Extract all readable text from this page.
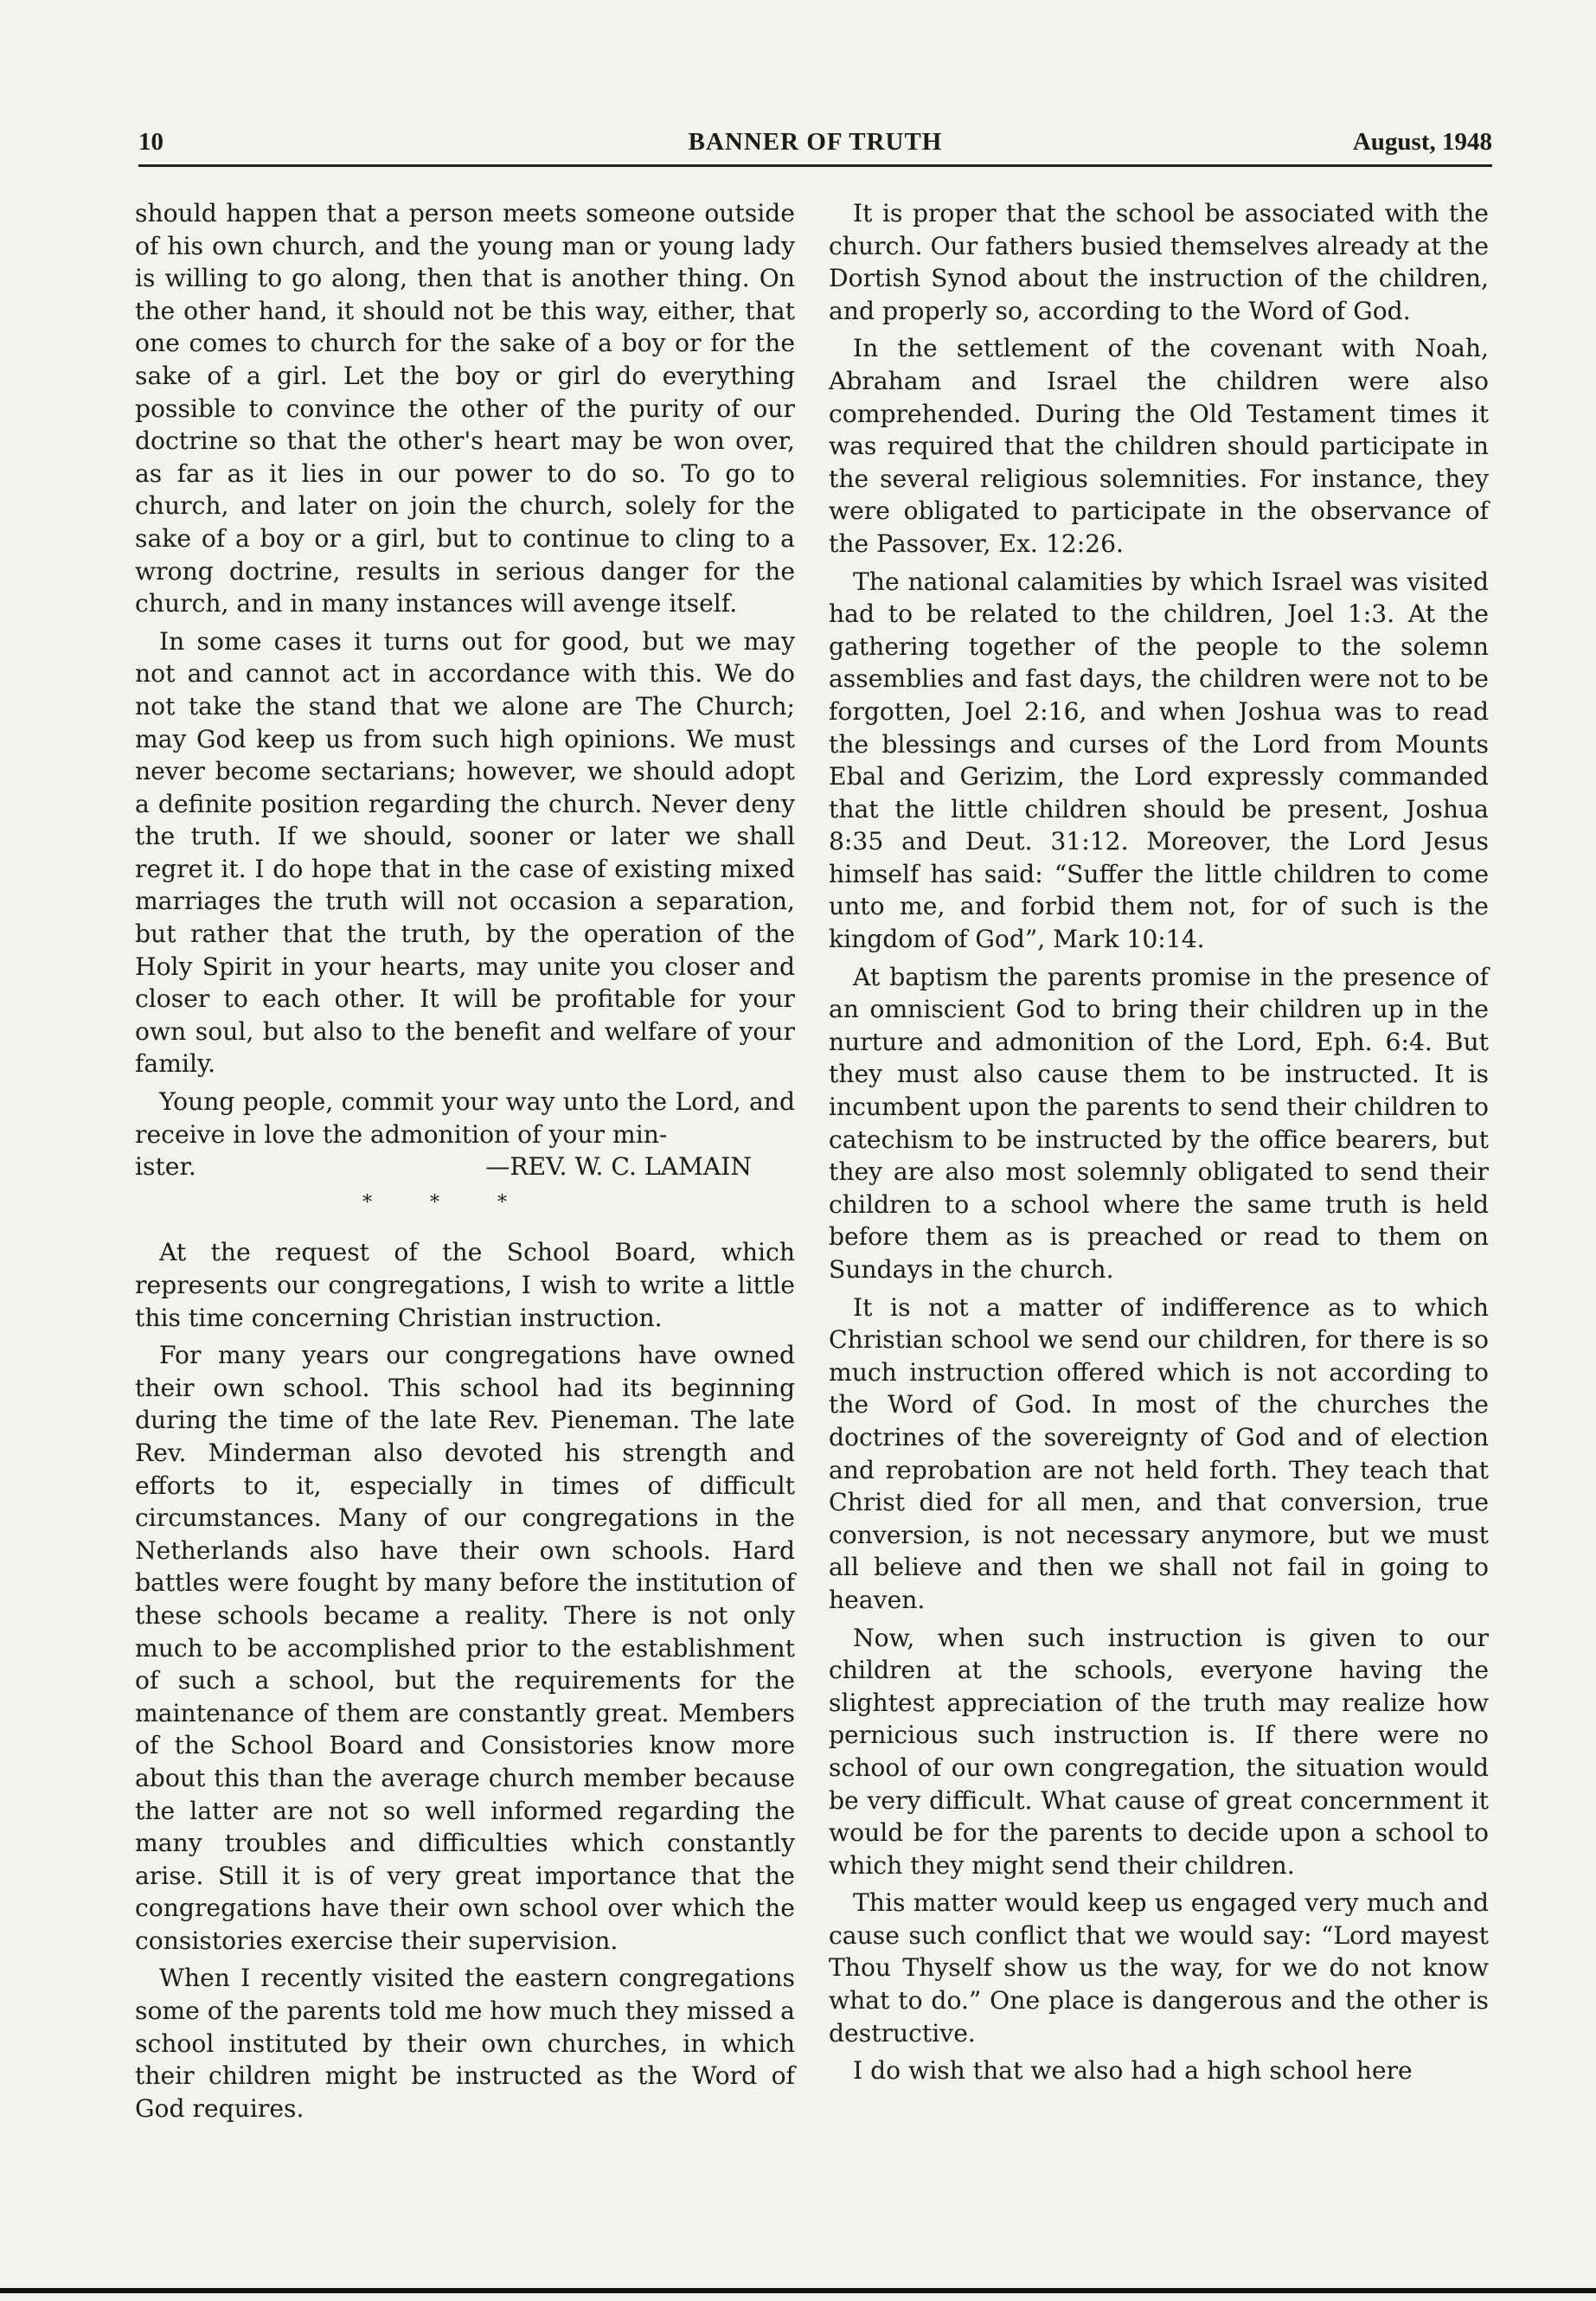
10	BANNER OF TRUTH	August, 1948

should happen that a person meets someone outside of his own church, and the young man or young lady is willing to go along, then that is another thing. On the other hand, it should not be this way, either, that one comes to church for the sake of a boy or for the sake of a girl. Let the boy or girl do everything possible to convince the other of the purity of our doctrine so that the other's heart may be won over, as far as it lies in our power to do so. To go to church, and later on join the church, solely for the sake of a boy or a girl, but to continue to cling to a wrong doctrine, results in serious danger for the church, and in many instances will avenge itself.

In some cases it turns out for good, but we may not and cannot act in accordance with this. We do not take the stand that we alone are The Church; may God keep us from such high opinions. We must never become sectarians; however, we should adopt a definite position regarding the church. Never deny the truth. If we should, sooner or later we shall regret it. I do hope that in the case of existing mixed marriages the truth will not occasion a separation, but rather that the truth, by the operation of the Holy Spirit in your hearts, may unite you closer and closer to each other. It will be profitable for your own soul, but also to the benefit and welfare of your family.

Young people, commit your way unto the Lord, and receive in love the admonition of your min-

ister.	—REV. W. C. LAMAIN
* * *

At the request of the School Board, which represents our congregations, I wish to write a little this time concerning Christian instruction.

For many years our congregations have owned their own school. This school had its beginning during the time of the late Rev. Pieneman. The late Rev. Minderman also devoted his strength and efforts to it, especially in times of difficult circumstances. Many of our congregations in the Netherlands also have their own schools. Hard battles were fought by many before the institution of these schools became a reality. There is not only much to be accomplished prior to the establishment of such a school, but the requirements for the maintenance of them are constantly great. Members of the School Board and Consistories know more about this than the average church member because the latter are not so well informed regarding the many troubles and difficulties which constantly arise. Still it is of very great importance that the congregations have their own school over which the consistories exercise their supervision.

When I recently visited the eastern congregations some of the parents told me how much they missed a school instituted by their own churches, in which their children might be instructed as the Word of God requires.

It is proper that the school be associated with the church. Our fathers busied themselves already at the Dortish Synod about the instruction of the children, and properly so, according to the Word of God.

In the settlement of the covenant with Noah, Abraham and Israel the children were also comprehended. During the Old Testament times it was required that the children should participate in the several religious solemnities. For instance, they were obligated to participate in the observance of the Passover, Ex. 12:26.

The national calamities by which Israel was visited had to be related to the children, Joel 1:3. At the gathering together of the people to the solemn assemblies and fast days, the children were not to be forgotten, Joel 2:16, and when Joshua was to read the blessings and curses of the Lord from Mounts Ebal and Gerizim, the Lord expressly commanded that the little children should be present, Joshua 8:35 and Deut. 31:12. Moreover, the Lord Jesus himself has said: “Suffer the little children to come unto me, and forbid them not, for of such is the kingdom of God”, Mark 10:14.

At baptism the parents promise in the presence of an omniscient God to bring their children up in the nurture and admonition of the Lord, Eph. 6:4. But they must also cause them to be instructed. It is incumbent upon the parents to send their children to catechism to be instructed by the office bearers, but they are also most solemnly obligated to send their children to a school where the same truth is held before them as is preached or read to them on Sundays in the church.

It is not a matter of indifference as to which Christian school we send our children, for there is so much instruction offered which is not according to the Word of God. In most of the churches the doctrines of the sovereignty of God and of election and reprobation are not held forth. They teach that Christ died for all men, and that conversion, true conversion, is not necessary anymore, but we must all believe and then we shall not fail in going to heaven.

Now, when such instruction is given to our children at the schools, everyone having the slightest appreciation of the truth may realize how pernicious such instruction is. If there were no school of our own congregation, the situation would be very difficult. What cause of great concernment it would be for the parents to decide upon a school to which they might send their children.

This matter would keep us engaged very much and cause such conflict that we would say: “Lord mayest Thou Thyself show us the way, for we do not know what to do.” One place is dangerous and the other is destructive.

I do wish that we also had a high school here
